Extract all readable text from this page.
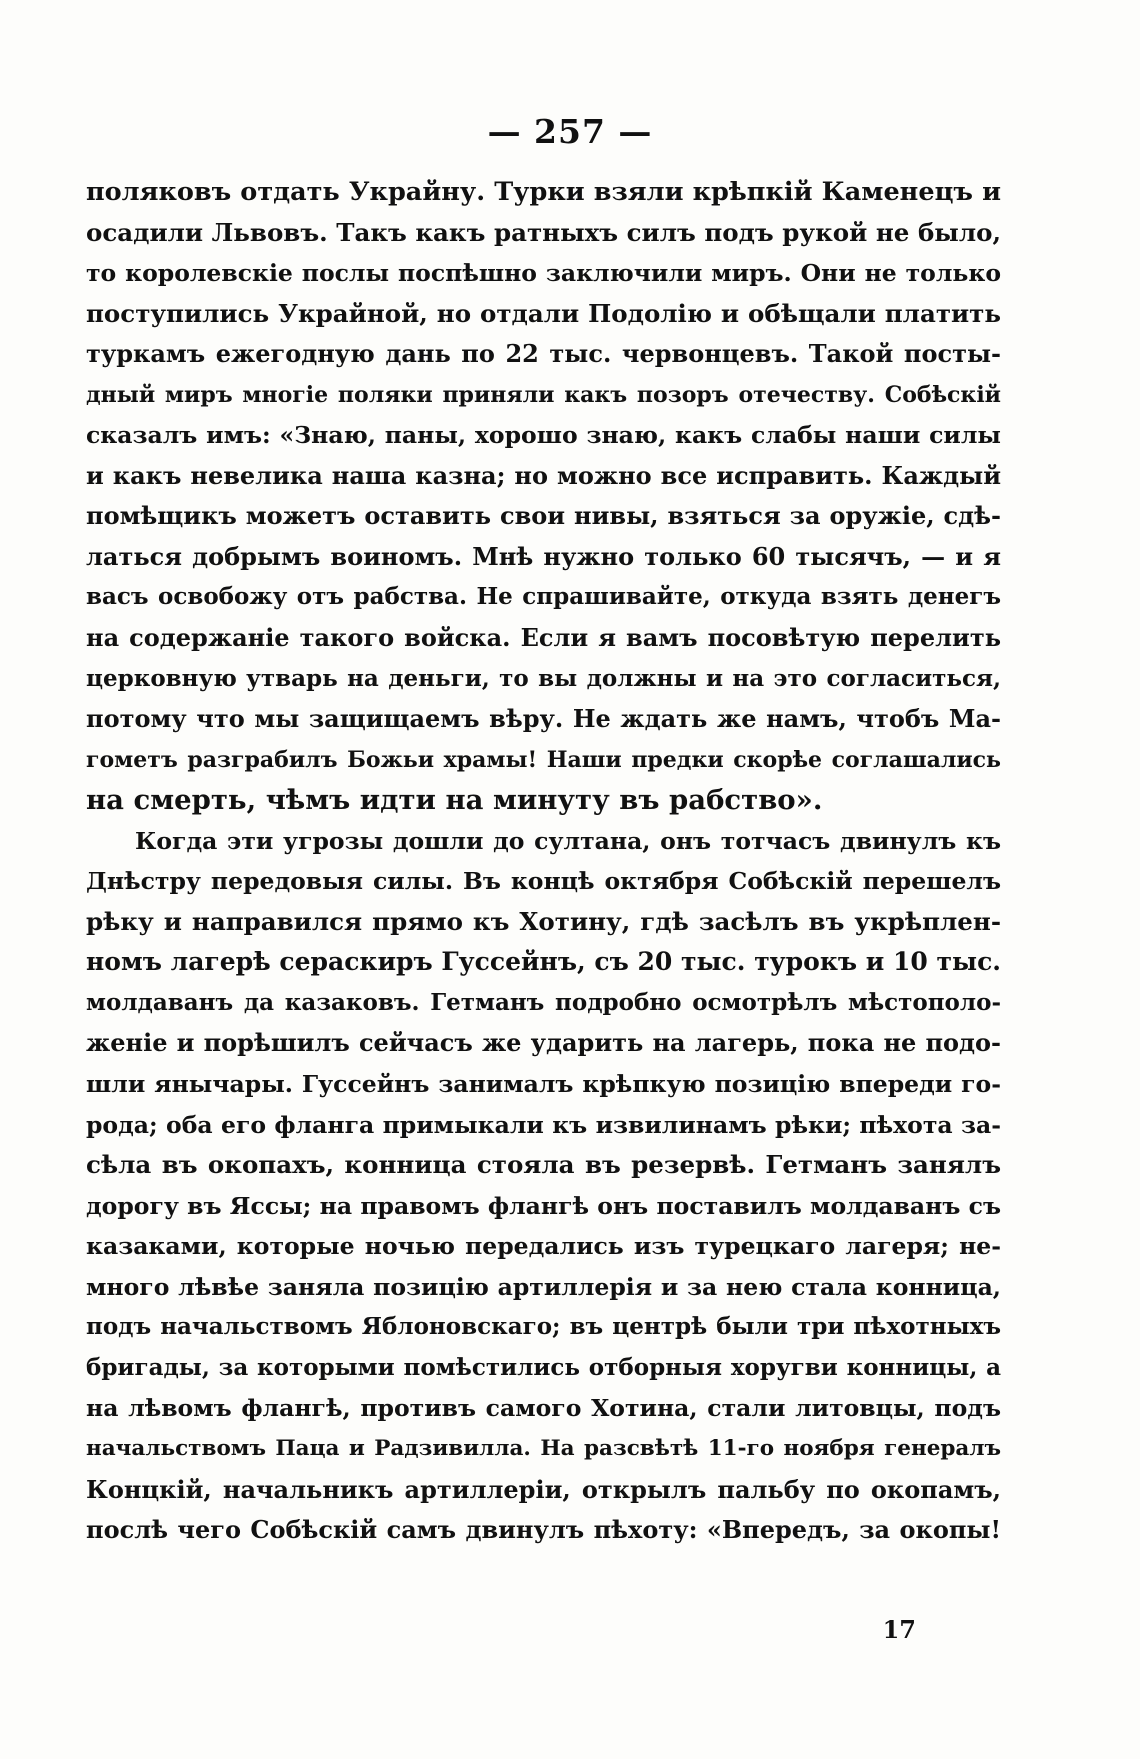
— 257 —
поляковъ отдать Украйну. Турки взяли крѣпкій Каменецъ и
осадили Львовъ. Такъ какъ ратныхъ силъ подъ рукой не было,
то королевскіе послы поспѣшно заключили миръ. Они не только
поступились Украйной, но отдали Подолію и обѣщали платить
туркамъ ежегодную дань по 22 тыс. червонцевъ. Такой посты-
дный миръ многіе поляки приняли какъ позоръ отечеству. Собѣскій
сказалъ имъ: «Знаю, паны, хорошо знаю, какъ слабы наши силы
и какъ невелика наша казна; но можно все исправить. Каждый
помѣщикъ можетъ оставить свои нивы, взяться за оружіе, сдѣ-
латься добрымъ воиномъ. Мнѣ нужно только 60 тысячъ, — и я
васъ освобожу отъ рабства. Не спрашивайте, откуда взять денегъ
на содержаніе такого войска. Если я вамъ посовѣтую перелить
церковную утварь на деньги, то вы должны и на это согласиться,
потому что мы защищаемъ вѣру. Не ждать же намъ, чтобъ Ма-
гометъ разграбилъ Божьи храмы! Наши предки скорѣе соглашались
на смерть, чѣмъ идти на минуту въ рабство».
Когда эти угрозы дошли до султана, онъ тотчасъ двинулъ къ
Днѣстру передовыя силы. Въ концѣ октября Собѣскій перешелъ
рѣку и направился прямо къ Хотину, гдѣ засѣлъ въ укрѣплен-
номъ лагерѣ сераскиръ Гуссейнъ, съ 20 тыс. турокъ и 10 тыс.
молдаванъ да казаковъ. Гетманъ подробно осмотрѣлъ мѣстополо-
женіе и порѣшилъ сейчасъ же ударить на лагерь, пока не подо-
шли янычары. Гуссейнъ занималъ крѣпкую позицію впереди го-
рода; оба его фланга примыкали къ извилинамъ рѣки; пѣхота за-
сѣла въ окопахъ, конница стояла въ резервѣ. Гетманъ занялъ
дорогу въ Яссы; на правомъ флангѣ онъ поставилъ молдаванъ съ
казаками, которые ночью передались изъ турецкаго лагеря; не-
много лѣвѣе заняла позицію артиллерія и за нею стала конница,
подъ начальствомъ Яблоновскаго; въ центрѣ были три пѣхотныхъ
бригады, за которыми помѣстились отборныя хоругви конницы, а
на лѣвомъ флангѣ, противъ самого Хотина, стали литовцы, подъ
начальствомъ Паца и Радзивилла. На разсвѣтѣ 11-го ноября генералъ
Концкій, начальникъ артиллеріи, открылъ пальбу по окопамъ,
послѣ чего Собѣскій самъ двинулъ пѣхоту: «Впередъ, за окопы!
17
